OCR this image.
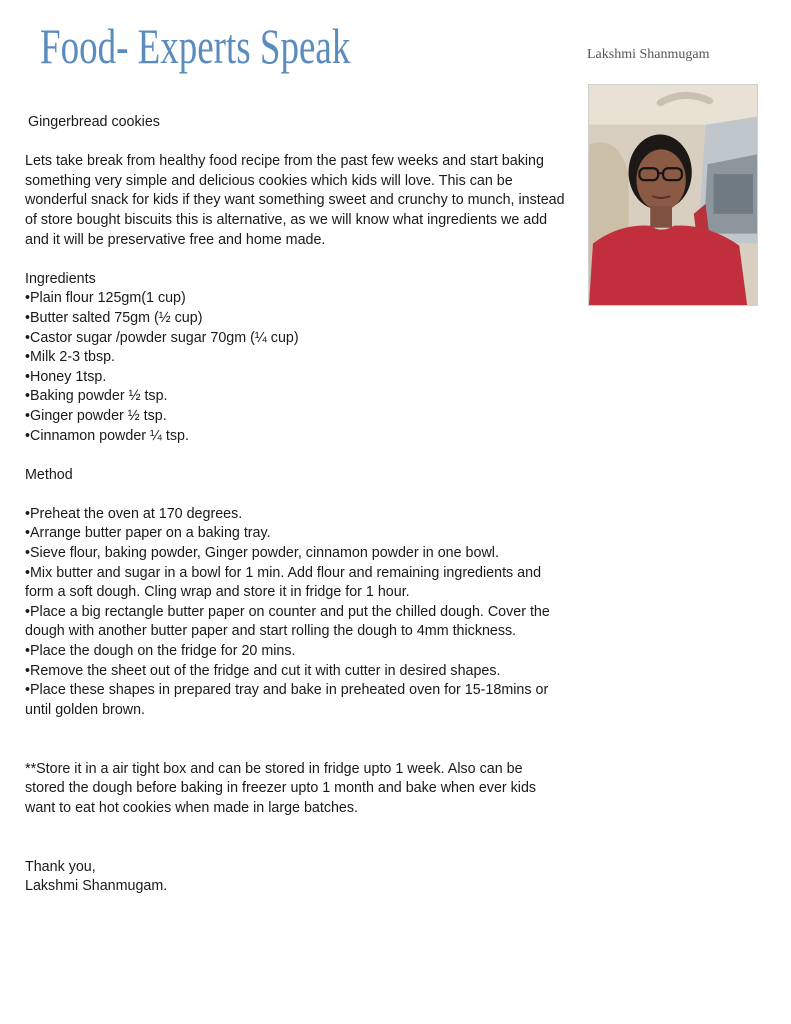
Food- Experts Speak	Lakshmi Shanmugam

Gingerbread cookies

Lets take break from healthy food recipe from the past few weeks and start baking something very simple and delicious cookies which kids will love. This can be wonderful snack for kids if they want something sweet and crunchy to munch, instead of store bought biscuits this is alternative, as we will know what ingredients we add and it will be preservative free and home made.

Ingredients

• Plain flour 125gm(1 cup)
• Butter salted 75gm (½ cup)
• Castor sugar /powder sugar 70gm (¼ cup)
• Milk 2-3 tbsp.
• Honey 1tsp.
• Baking powder ½ tsp.
• Ginger powder ½ tsp.
• Cinnamon powder ¼ tsp.

Method

• Preheat the oven at 170 degrees.
• Arrange butter paper on a baking tray.
• Sieve flour, baking powder, Ginger powder, cinnamon powder in one bowl.
• Mix butter and sugar in a bowl for 1 min. Add flour and remaining ingredients and form a soft dough. Cling wrap and store it in fridge for 1 hour.
• Place a big rectangle butter paper on counter and put the chilled dough. Cover the dough with another butter paper and start rolling the dough to 4mm thickness.
• Place the dough on the fridge for 20 mins.
• Remove the sheet out of the fridge and cut it with cutter in desired shapes.
• Place these shapes in prepared tray and bake in preheated oven for 15-18mins or until golden brown.

**Store it in a air tight box and can be stored in fridge upto 1 week. Also can be stored the dough before baking in freezer upto 1 month and bake when ever kids want to eat hot cookies when made in large batches.

Thank you,

Lakshmi Shanmugam.
